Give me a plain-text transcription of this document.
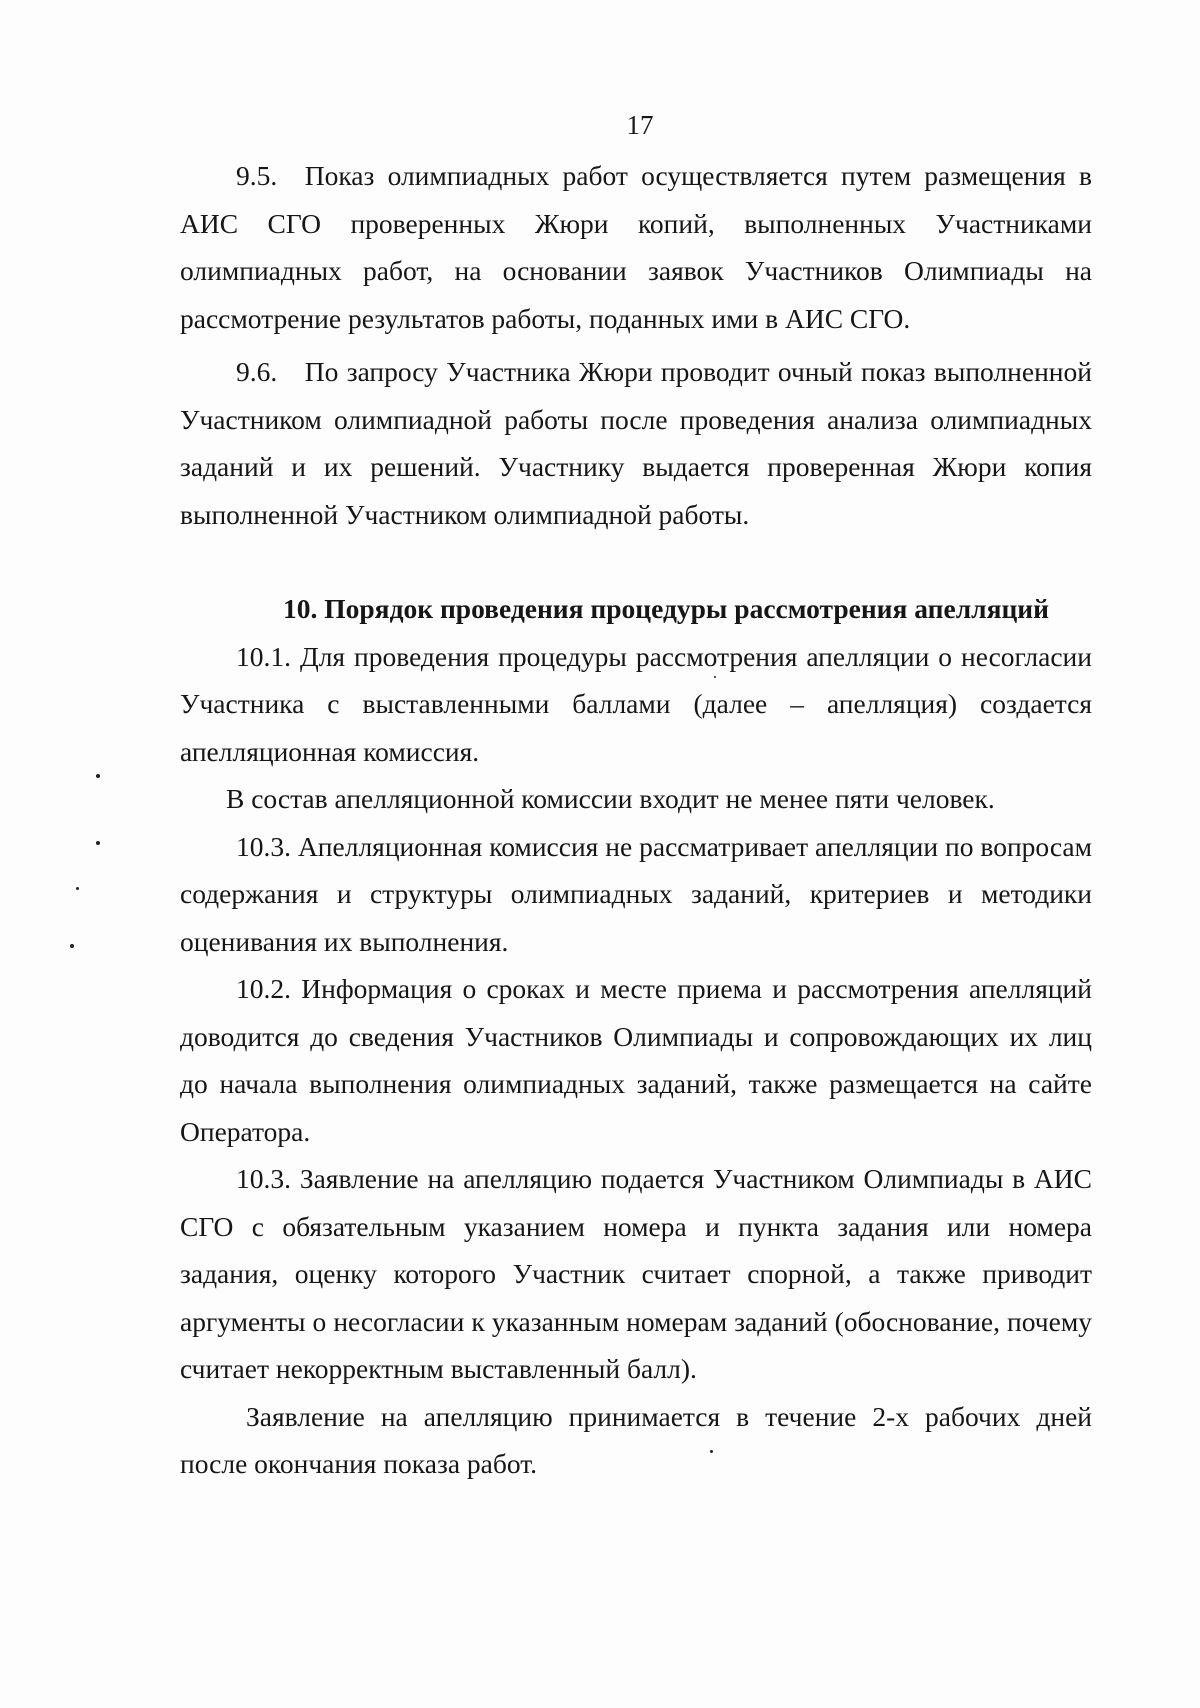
17

9.5. Показ олимпиадных работ осуществляется путем размещения в АИС СГО проверенных Жюри копий, выполненных Участниками олимпиадных работ, на основании заявок Участников Олимпиады на рассмотрение результатов работы, поданных ими в АИС СГО.

9.6. По запросу Участника Жюри проводит очный показ выполненной Участником олимпиадной работы после проведения анализа олимпиадных заданий и их решений. Участнику выдается проверенная Жюри копия выполненной Участником олимпиадной работы.

10. Порядок проведения процедуры рассмотрения апелляций

10.1. Для проведения процедуры рассмотрения апелляции о несогласии Участника с выставленными баллами (далее – апелляция) создается апелляционная комиссия.

В состав апелляционной комиссии входит не менее пяти человек.

10.3. Апелляционная комиссия не рассматривает апелляции по вопросам содержания и структуры олимпиадных заданий, критериев и методики оценивания их выполнения.

10.2. Информация о сроках и месте приема и рассмотрения апелляций доводится до сведения Участников Олимпиады и сопровождающих их лиц до начала выполнения олимпиадных заданий, также размещается на сайте Оператора.

10.3. Заявление на апелляцию подается Участником Олимпиады в АИС СГО с обязательным указанием номера и пункта задания или номера задания, оценку которого Участник считает спорной, а также приводит аргументы о несогласии к указанным номерам заданий (обоснование, почему считает некорректным выставленный балл).

Заявление на апелляцию принимается в течение 2-х рабочих дней после окончания показа работ.
